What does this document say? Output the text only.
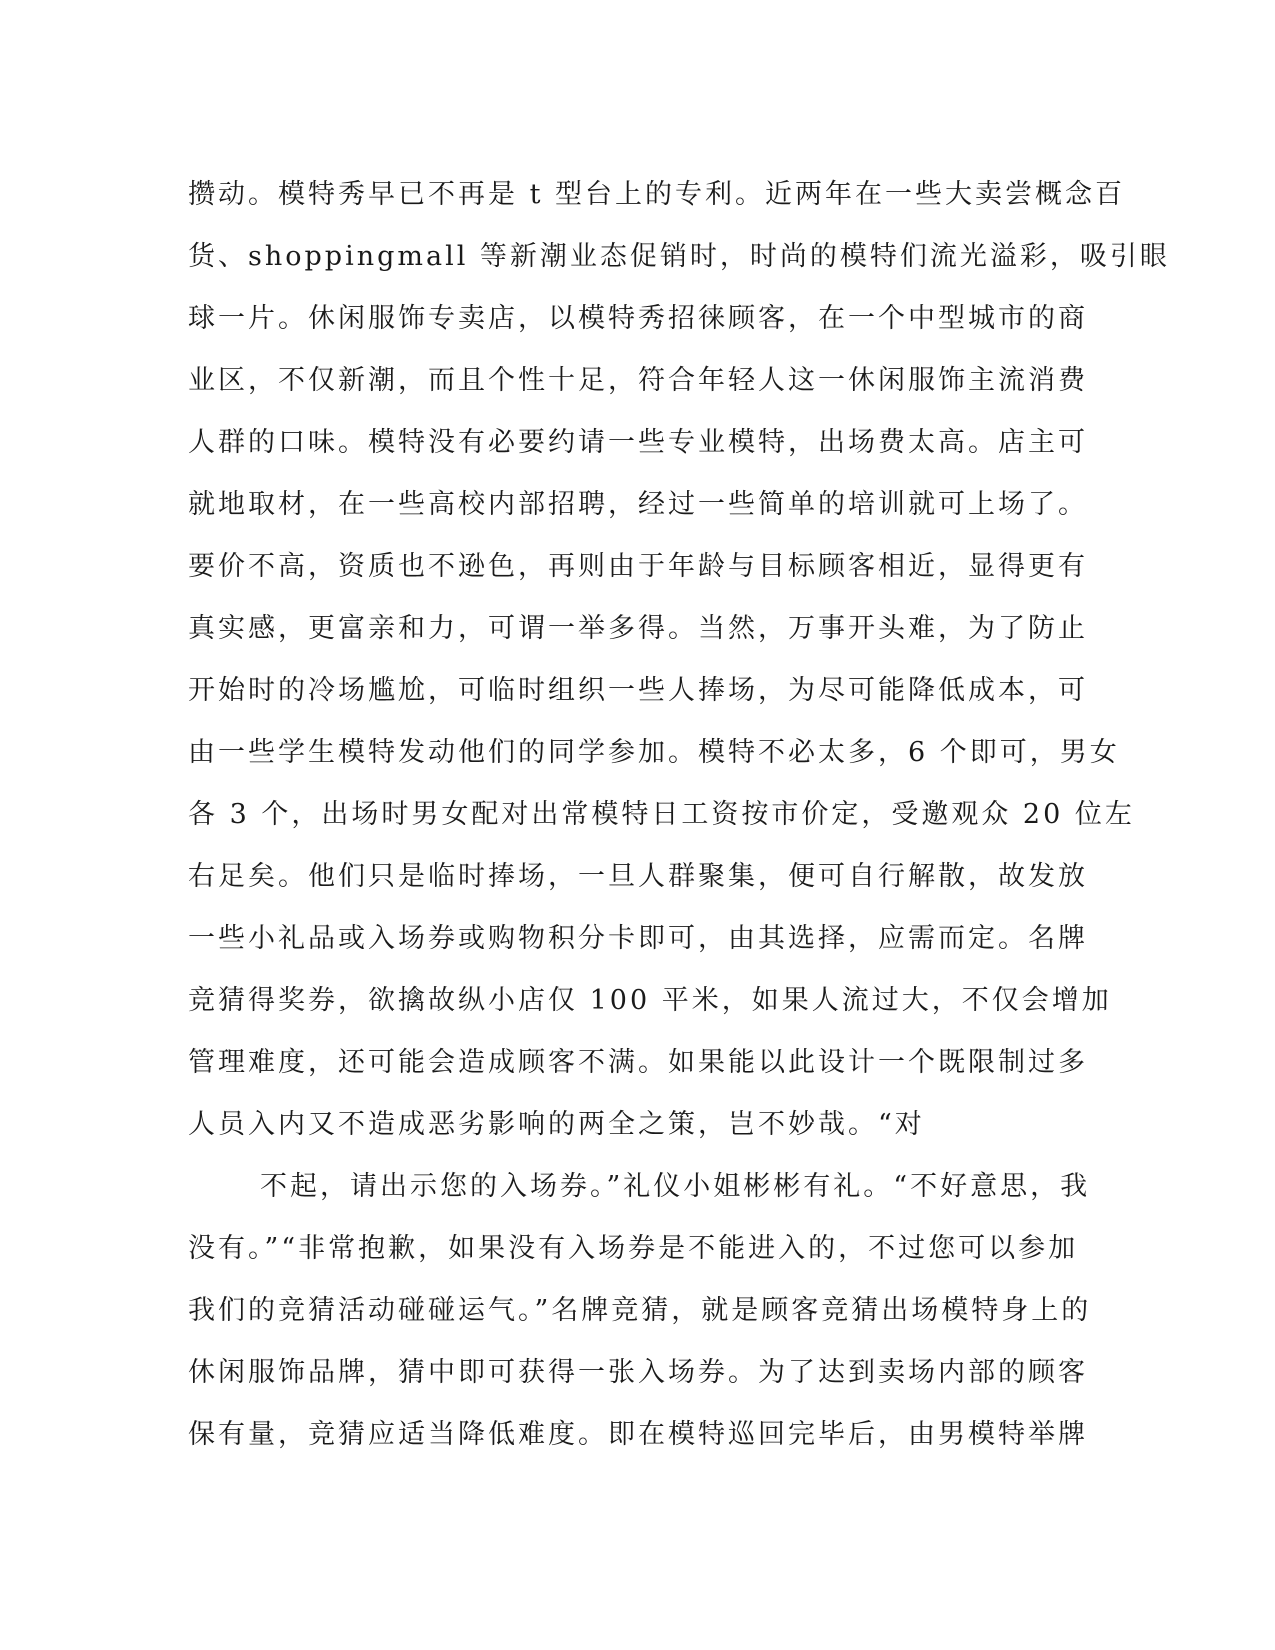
攒动。模特秀早已不再是 t 型台上的专利。近两年在一些大卖尝概念百
货、shoppingmall 等新潮业态促销时，时尚的模特们流光溢彩，吸引眼
球一片。休闲服饰专卖店，以模特秀招徕顾客，在一个中型城市的商
业区，不仅新潮，而且个性十足，符合年轻人这一休闲服饰主流消费
人群的口味。模特没有必要约请一些专业模特，出场费太高。店主可
就地取材，在一些高校内部招聘，经过一些简单的培训就可上场了。
要价不高，资质也不逊色，再则由于年龄与目标顾客相近，显得更有
真实感，更富亲和力，可谓一举多得。当然，万事开头难，为了防止
开始时的冷场尴尬，可临时组织一些人捧场，为尽可能降低成本，可
由一些学生模特发动他们的同学参加。模特不必太多，6 个即可，男女
各 3 个，出场时男女配对出常模特日工资按市价定，受邀观众 20 位左
右足矣。他们只是临时捧场，一旦人群聚集，便可自行解散，故发放
一些小礼品或入场券或购物积分卡即可，由其选择，应需而定。名牌
竞猜得奖券，欲擒故纵小店仅 100 平米，如果人流过大，不仅会增加
管理难度，还可能会造成顾客不满。如果能以此设计一个既限制过多
人员入内又不造成恶劣影响的两全之策，岂不妙哉。“对
不起，请出示您的入场券。”礼仪小姐彬彬有礼。“不好意思，我
没有。”“非常抱歉，如果没有入场券是不能进入的，不过您可以参加
我们的竞猜活动碰碰运气。”名牌竞猜，就是顾客竞猜出场模特身上的
休闲服饰品牌，猜中即可获得一张入场券。为了达到卖场内部的顾客
保有量，竞猜应适当降低难度。即在模特巡回完毕后，由男模特举牌
